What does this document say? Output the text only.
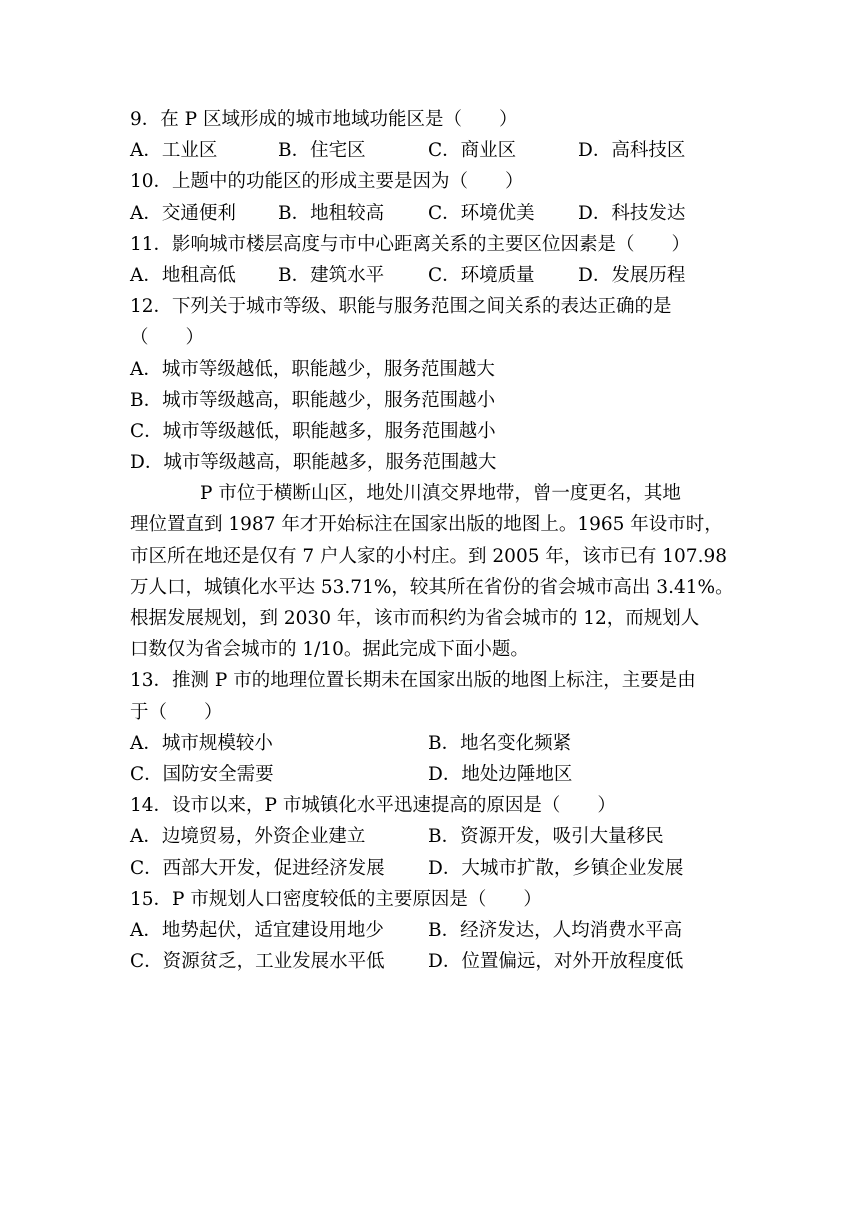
9．在 P 区域形成的城市地域功能区是（　　）
A．工业区	B．住宅区	C．商业区	D．高科技区
10．上题中的功能区的形成主要是因为（　　）
A．交通便利	B．地租较高	C．环境优美	D．科技发达
11．影响城市楼层高度与市中心距离关系的主要区位因素是（　　）
A．地租高低	B．建筑水平	C．环境质量	D．发展历程
12．下列关于城市等级、职能与服务范围之间关系的表达正确的是
（　　）
A．城市等级越低，职能越少，服务范围越大
B．城市等级越高，职能越少，服务范围越小
C．城市等级越低，职能越多，服务范围越小
D．城市等级越高，职能越多，服务范围越大
P 市位于横断山区，地处川滇交界地带，曾一度更名，其地
理位置直到 1987 年才开始标注在国家出版的地图上。1965 年设市时，
市区所在地还是仅有 7 户人家的小村庄。到 2005 年，该市已有 107.98
万人口，城镇化水平达 53.71%，较其所在省份的省会城市高出 3.41%。
根据发展规划，到 2030 年，该市而积约为省会城市的 12，而规划人
口数仅为省会城市的 1/10。据此完成下面小题。
13．推测 P 市的地理位置长期未在国家出版的地图上标注，主要是由
于（　　）
A．城市规模较小	B．地名变化频紧
C．国防安全需要	D．地处边陲地区
14．设市以来，P 市城镇化水平迅速提高的原因是（　　）
A．边境贸易，外资企业建立	B．资源开发，吸引大量移民
C．西部大开发，促进经济发展	D．大城市扩散，乡镇企业发展
15．P 市规划人口密度较低的主要原因是（　　）
A．地势起伏，适宜建设用地少	B．经济发达，人均消费水平高
C．资源贫乏，工业发展水平低	D．位置偏远，对外开放程度低
